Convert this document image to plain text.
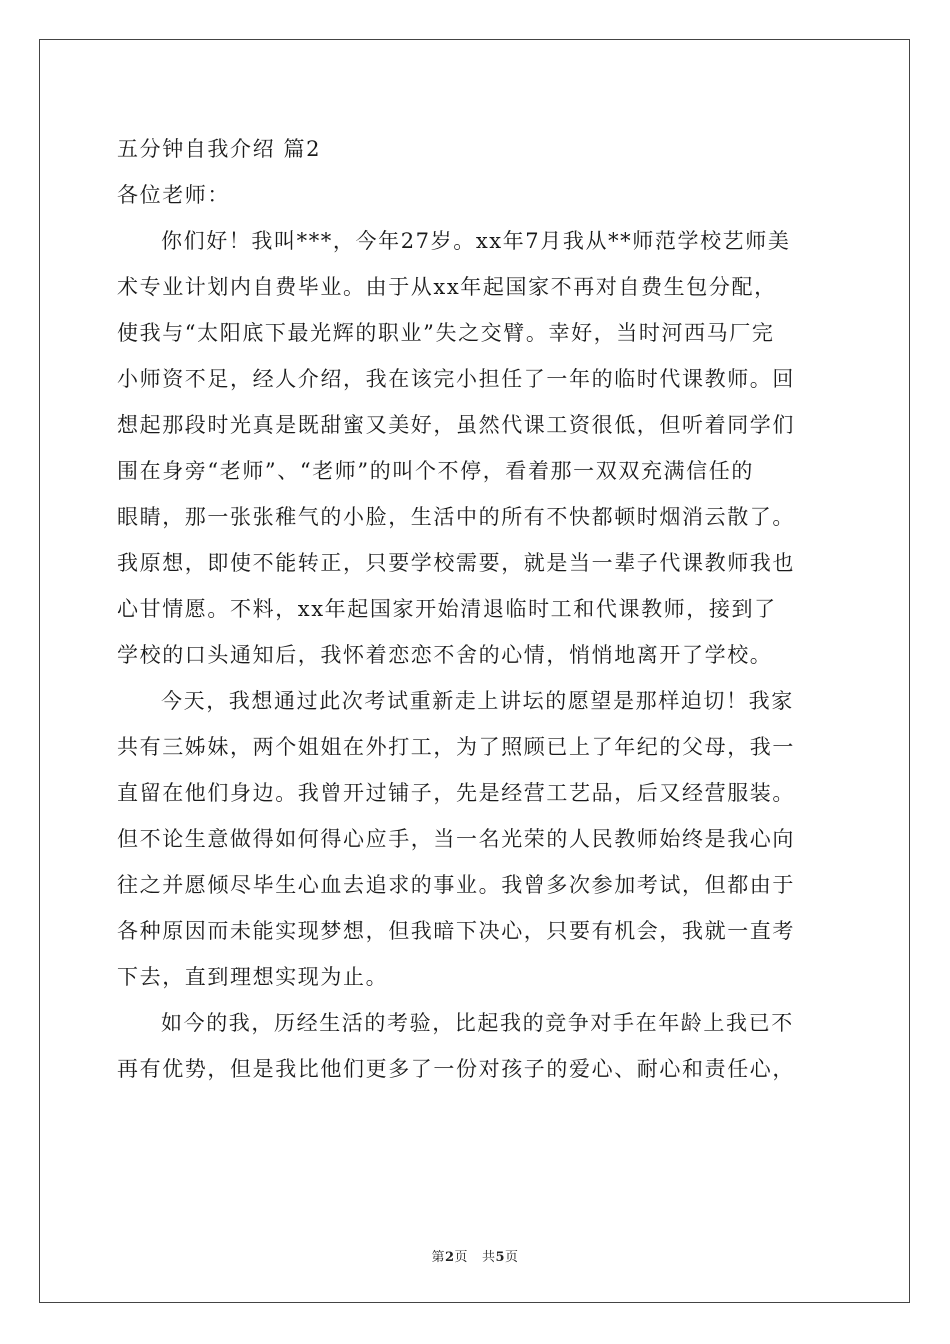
五分钟自我介绍 篇2
各位老师：
你们好！我叫***，今年27岁。xx年7月我从**师范学校艺师美
术专业计划内自费毕业。由于从xx年起国家不再对自费生包分配，
使我与“太阳底下最光辉的职业”失之交臂。幸好，当时河西马厂完
小师资不足，经人介绍，我在该完小担任了一年的临时代课教师。回
想起那段时光真是既甜蜜又美好，虽然代课工资很低，但听着同学们
围在身旁“老师”、“老师”的叫个不停，看着那一双双充满信任的
眼睛，那一张张稚气的小脸，生活中的所有不快都顿时烟消云散了。
我原想，即使不能转正，只要学校需要，就是当一辈子代课教师我也
心甘情愿。不料，xx年起国家开始清退临时工和代课教师，接到了
学校的口头通知后，我怀着恋恋不舍的心情，悄悄地离开了学校。
今天，我想通过此次考试重新走上讲坛的愿望是那样迫切！我家
共有三姊妹，两个姐姐在外打工，为了照顾已上了年纪的父母，我一
直留在他们身边。我曾开过铺子，先是经营工艺品，后又经营服装。
但不论生意做得如何得心应手，当一名光荣的人民教师始终是我心向
往之并愿倾尽毕生心血去追求的事业。我曾多次参加考试，但都由于
各种原因而未能实现梦想，但我暗下决心，只要有机会，我就一直考
下去，直到理想实现为止。
如今的我，历经生活的考验，比起我的竞争对手在年龄上我已不
再有优势，但是我比他们更多了一份对孩子的爱心、耐心和责任心，
第2页 共5页
